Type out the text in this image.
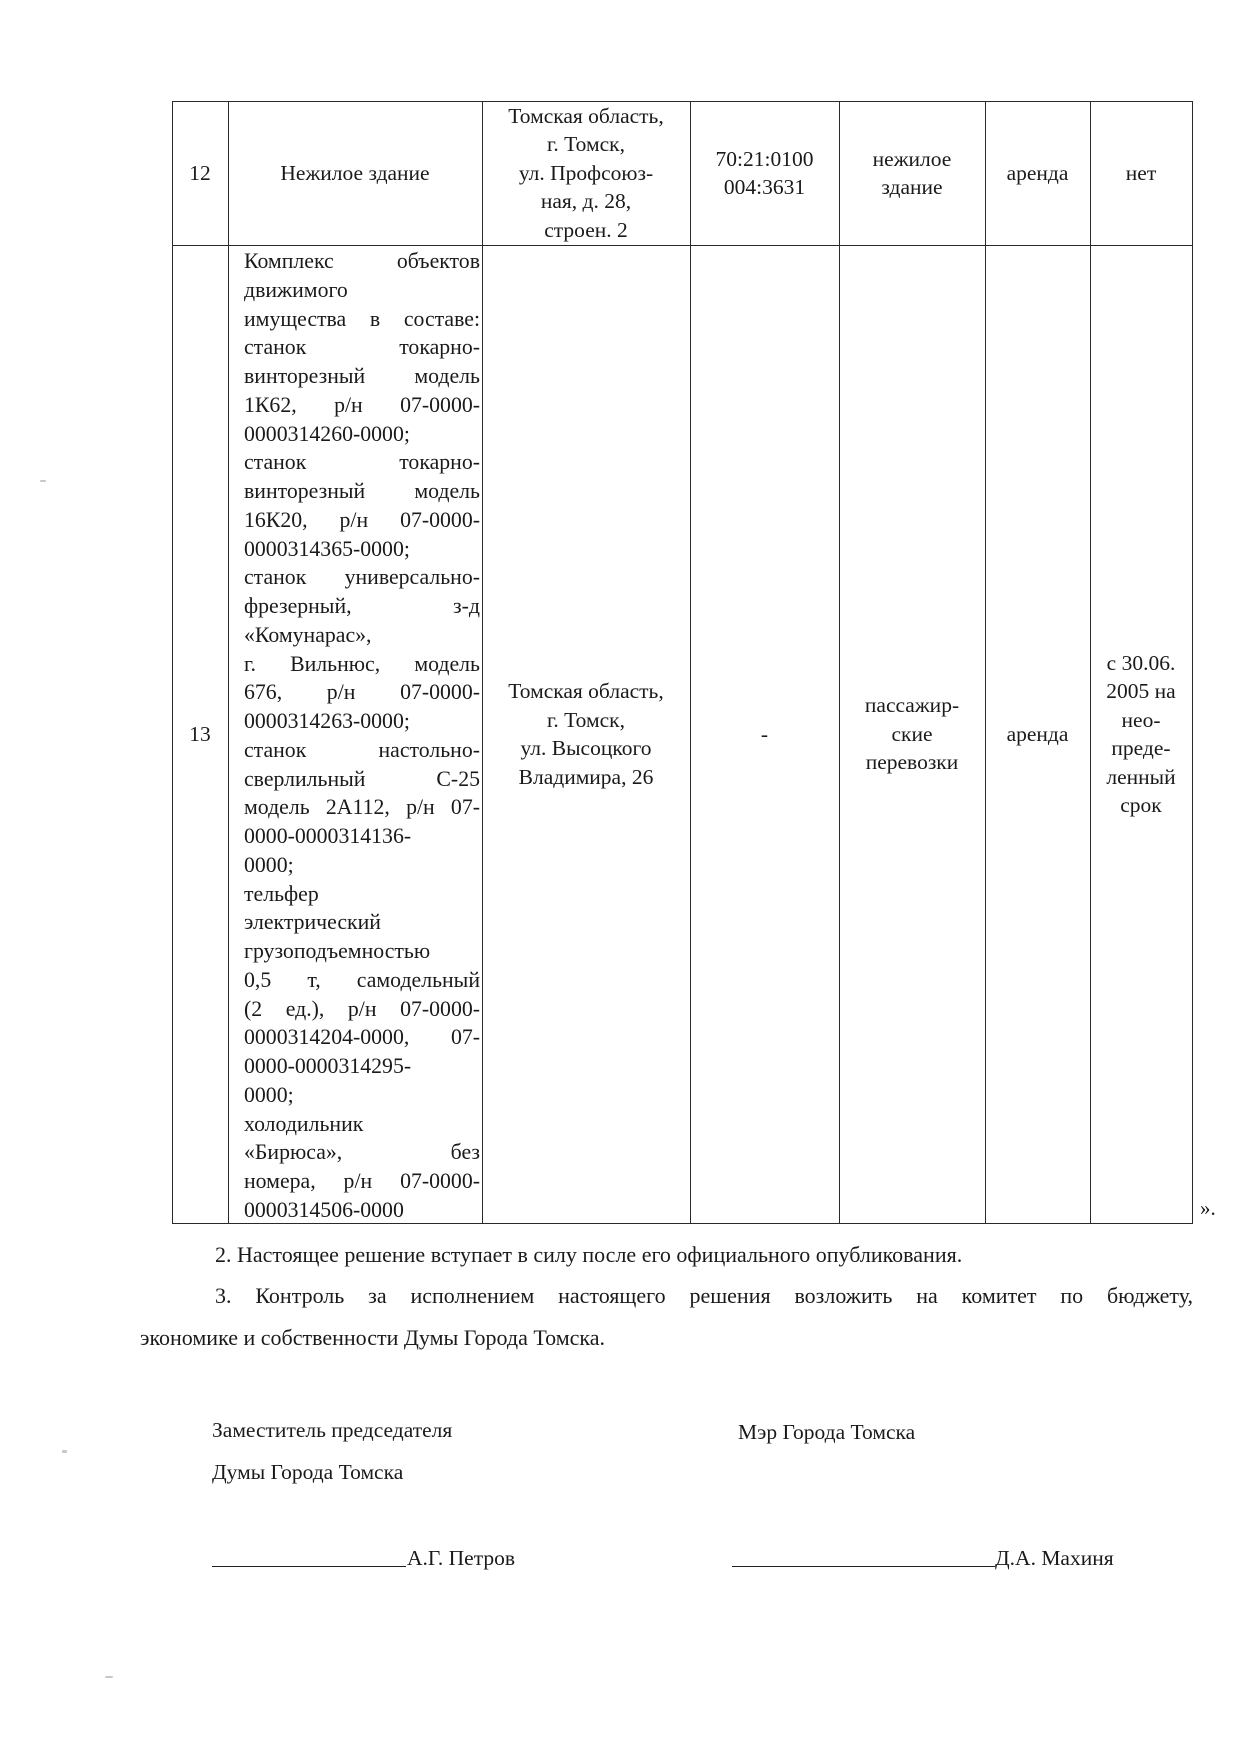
12	Нежилое здание
Томская область,
г. Томск,
ул. Профсоюз-
ная, д. 28,
строен. 2
70:21:0100
004:3631
нежилое
здание
аренда	нет
13
Комплекс объектов
движимого
имущества в составе:
станок токарно-
винторезный модель
1К62, р/н 07-0000-
0000314260-0000;
станок токарно-
винторезный модель
16К20, р/н 07-0000-
0000314365-0000;
станок универсально-
фрезерный, з-д
«Комунарас»,
г. Вильнюс, модель
676, р/н 07-0000-
0000314263-0000;
станок настольно-
сверлильный С-25
модель 2А112, р/н 07-
0000-0000314136-
0000;
тельфер
электрический
грузоподъемностью
0,5 т, самодельный
(2 ед.), р/н 07-0000-
0000314204-0000, 07-
0000-0000314295-
0000;
холодильник
«Бирюса», без
номера, р/н 07-0000-
0000314506-0000
Томская область,
г. Томск,
ул. Высоцкого
Владимира, 26
-
пассажир-
ские
перевозки
аренда
с 30.06.
2005 на
нео-
преде-
ленный
срок
».
2. Настоящее решение вступает в силу после его официального опубликования.
3. Контроль за исполнением настоящего решения возложить на комитет по бюджету,
экономике и собственности Думы Города Томска.
Заместитель председателя
Думы Города Томска
А.Г. Петров
Мэр Города Томска
Д.А. Махиня
